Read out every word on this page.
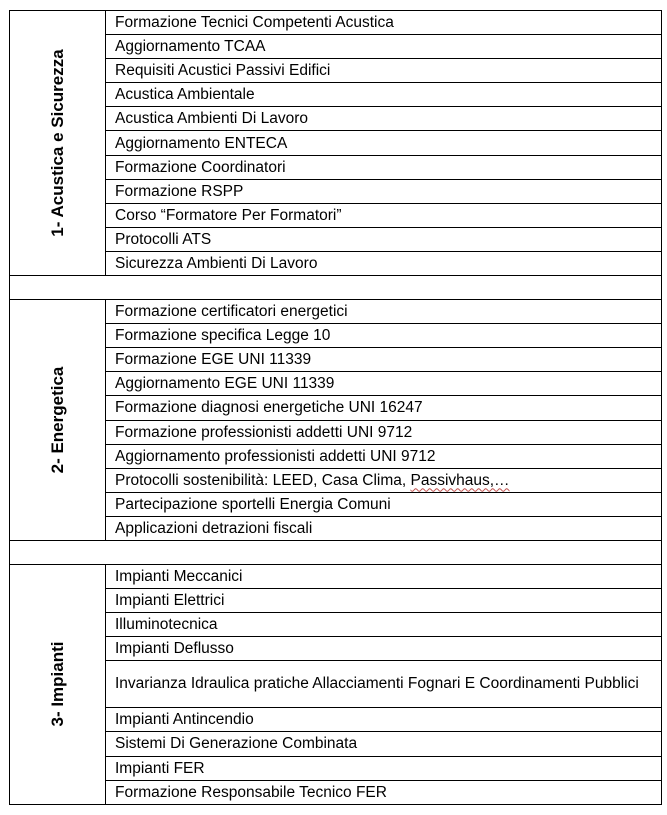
1- Acustica e Sicurezza	Formazione Tecnici Competenti Acustica
	Aggiornamento TCAA
	Requisiti Acustici Passivi Edifici
	Acustica Ambientale
	Acustica Ambienti Di Lavoro
	Aggiornamento ENTECA
	Formazione Coordinatori
	Formazione RSPP
	Corso “Formatore Per Formatori”
	Protocolli ATS
	Sicurezza Ambienti Di Lavoro

2- Energetica	Formazione certificatori energetici
	Formazione specifica Legge 10
	Formazione EGE UNI 11339
	Aggiornamento EGE UNI 11339
	Formazione diagnosi energetiche UNI 16247
	Formazione professionisti addetti UNI 9712
	Aggiornamento professionisti addetti UNI 9712
	Protocolli sostenibilità: LEED, Casa Clima, Passivhaus,…
	Partecipazione sportelli Energia Comuni
	Applicazioni detrazioni fiscali

3- Impianti	Impianti Meccanici
	Impianti Elettrici
	Illuminotecnica
	Impianti Deflusso
	Invarianza Idraulica pratiche Allacciamenti Fognari E Coordinamenti Pubblici
	Impianti Antincendio
	Sistemi Di Generazione Combinata
	Impianti FER
	Formazione Responsabile Tecnico FER
